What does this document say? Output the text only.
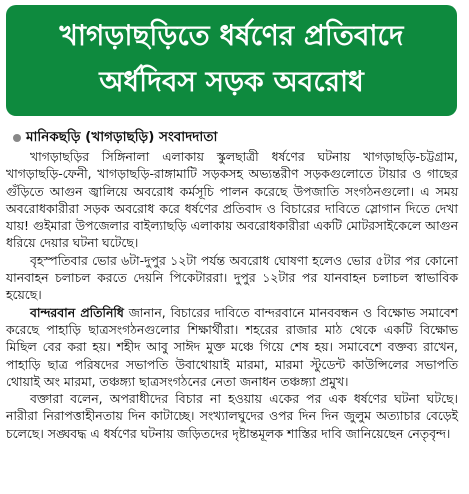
খাগড়াছড়িতে ধর্ষণের প্রতিবাদে
অর্ধদিবস সড়ক অবরোধ
মানিকছড়ি (খাগড়াছড়ি) সংবাদদাতা

খাগড়াছড়ির সিঙ্গিনালা এলাকায় স্কুলছাত্রী ধর্ষণের ঘটনায় খাগড়াছড়ি-চট্টগ্রাম, খাগড়াছড়ি-ফেনী, খাগড়াছড়ি-রাঙ্গামাটি সড়কসহ অভ্যন্তরীণ সড়কগুলোতে টায়ার ও গাছের গুঁড়িতে আগুন জ্বালিয়ে অবরোধ কর্মসূচি পালন করেছে উপজাতি সংগঠনগুলো। এ সময় অবরোধকারীরা সড়ক অবরোধ করে ধর্ষণের প্রতিবাদ ও বিচারের দাবিতে স্লোগান দিতে দেখা যায়! গুইমারা উপজেলার বাইল্যাছড়ি এলাকায় অবরোধকারীরা একটি মোটরসাইকেলে আগুন ধরিয়ে দেয়ার ঘটনা ঘটেছে।

বৃহস্পতিবার ভোর ৬টা-দুপুর ১২টা পর্যন্ত অবরোধ ঘোষণা হলেও ভোর ৫টার পর কোনো যানবাহন চলাচল করতে দেয়নি পিকেটাররা। দুপুর ১২টার পর যানবাহন চলাচল স্বাভাবিক হয়েছে।

বান্দরবান প্রতিনিধি জানান, বিচারের দাবিতে বান্দরবানে মানববন্ধন ও বিক্ষোভ সমাবেশ করেছে পাহাড়ি ছাত্রসংগঠনগুলোর শিক্ষার্থীরা। শহরের রাজার মাঠ থেকে একটি বিক্ষোভ মিছিল বের করা হয়। শহীদ আবু সাঈদ মুক্ত মঞ্চে গিয়ে শেষ হয়। সমাবেশে বক্তব্য রাখেন, পাহাড়ি ছাত্র পরিষদের সভাপতি উবাথোয়াই মারমা, মারমা স্টুডেন্ট কাউন্সিলের সভাপতি থোয়াই অং মারমা, তঞ্চঙ্গ্যা ছাত্রসংগঠনের নেতা জনাধন তঞ্চঙ্গ্যা প্রমুখ।

বক্তারা বলেন, অপরাধীদের বিচার না হওয়ায় একের পর এক ধর্ষণের ঘটনা ঘটছে। নারীরা নিরাপত্তাহীনতায় দিন কাটাচ্ছে। সংখ্যালঘুদের ওপর দিন দিন জুলুম অত্যাচার বেড়েই চলেছে। সঙ্ঘবদ্ধ এ ধর্ষণের ঘটনায় জড়িতদের দৃষ্টান্তমূলক শাস্তির দাবি জানিয়েছেন নেতৃবৃন্দ।
